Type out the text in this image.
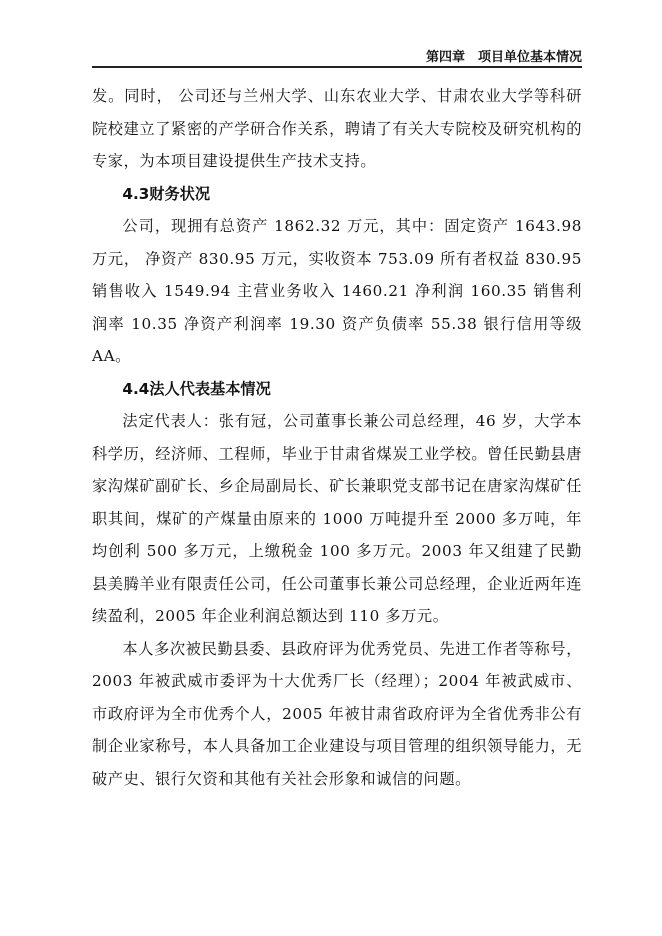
第四章　项目单位基本情况

发。同时， 公司还与兰州大学、山东农业大学、甘肃农业大学等科研院校建立了紧密的产学研合作关系，聘请了有关大专院校及研究机构的专家，为本项目建设提供生产技术支持。

4.3财务状况

公司，现拥有总资产 1862.32 万元，其中：固定资产 1643.98 万元， 净资产 830.95 万元，实收资本 753.09 所有者权益 830.95 销售收入 1549.94 主营业务收入 1460.21 净利润 160.35 销售利润率 10.35 净资产利润率 19.30 资产负债率 55.38 银行信用等级 AA。

4.4法人代表基本情况

法定代表人：张有冠，公司董事长兼公司总经理，46 岁，大学本科学历，经济师、工程师，毕业于甘肃省煤炭工业学校。曾任民勤县唐家沟煤矿副矿长、乡企局副局长、矿长兼职党支部书记在唐家沟煤矿任职其间，煤矿的产煤量由原来的 1000 万吨提升至 2000 多万吨，年均创利 500 多万元，上缴税金 100 多万元。2003 年又组建了民勤县美腾羊业有限责任公司，任公司董事长兼公司总经理，企业近两年连续盈利，2005 年企业利润总额达到 110 多万元。

本人多次被民勤县委、县政府评为优秀党员、先进工作者等称号，2003 年被武威市委评为十大优秀厂长（经理）；2004 年被武威市、市政府评为全市优秀个人，2005 年被甘肃省政府评为全省优秀非公有制企业家称号，本人具备加工企业建设与项目管理的组织领导能力，无破产史、银行欠资和其他有关社会形象和诚信的问题。
